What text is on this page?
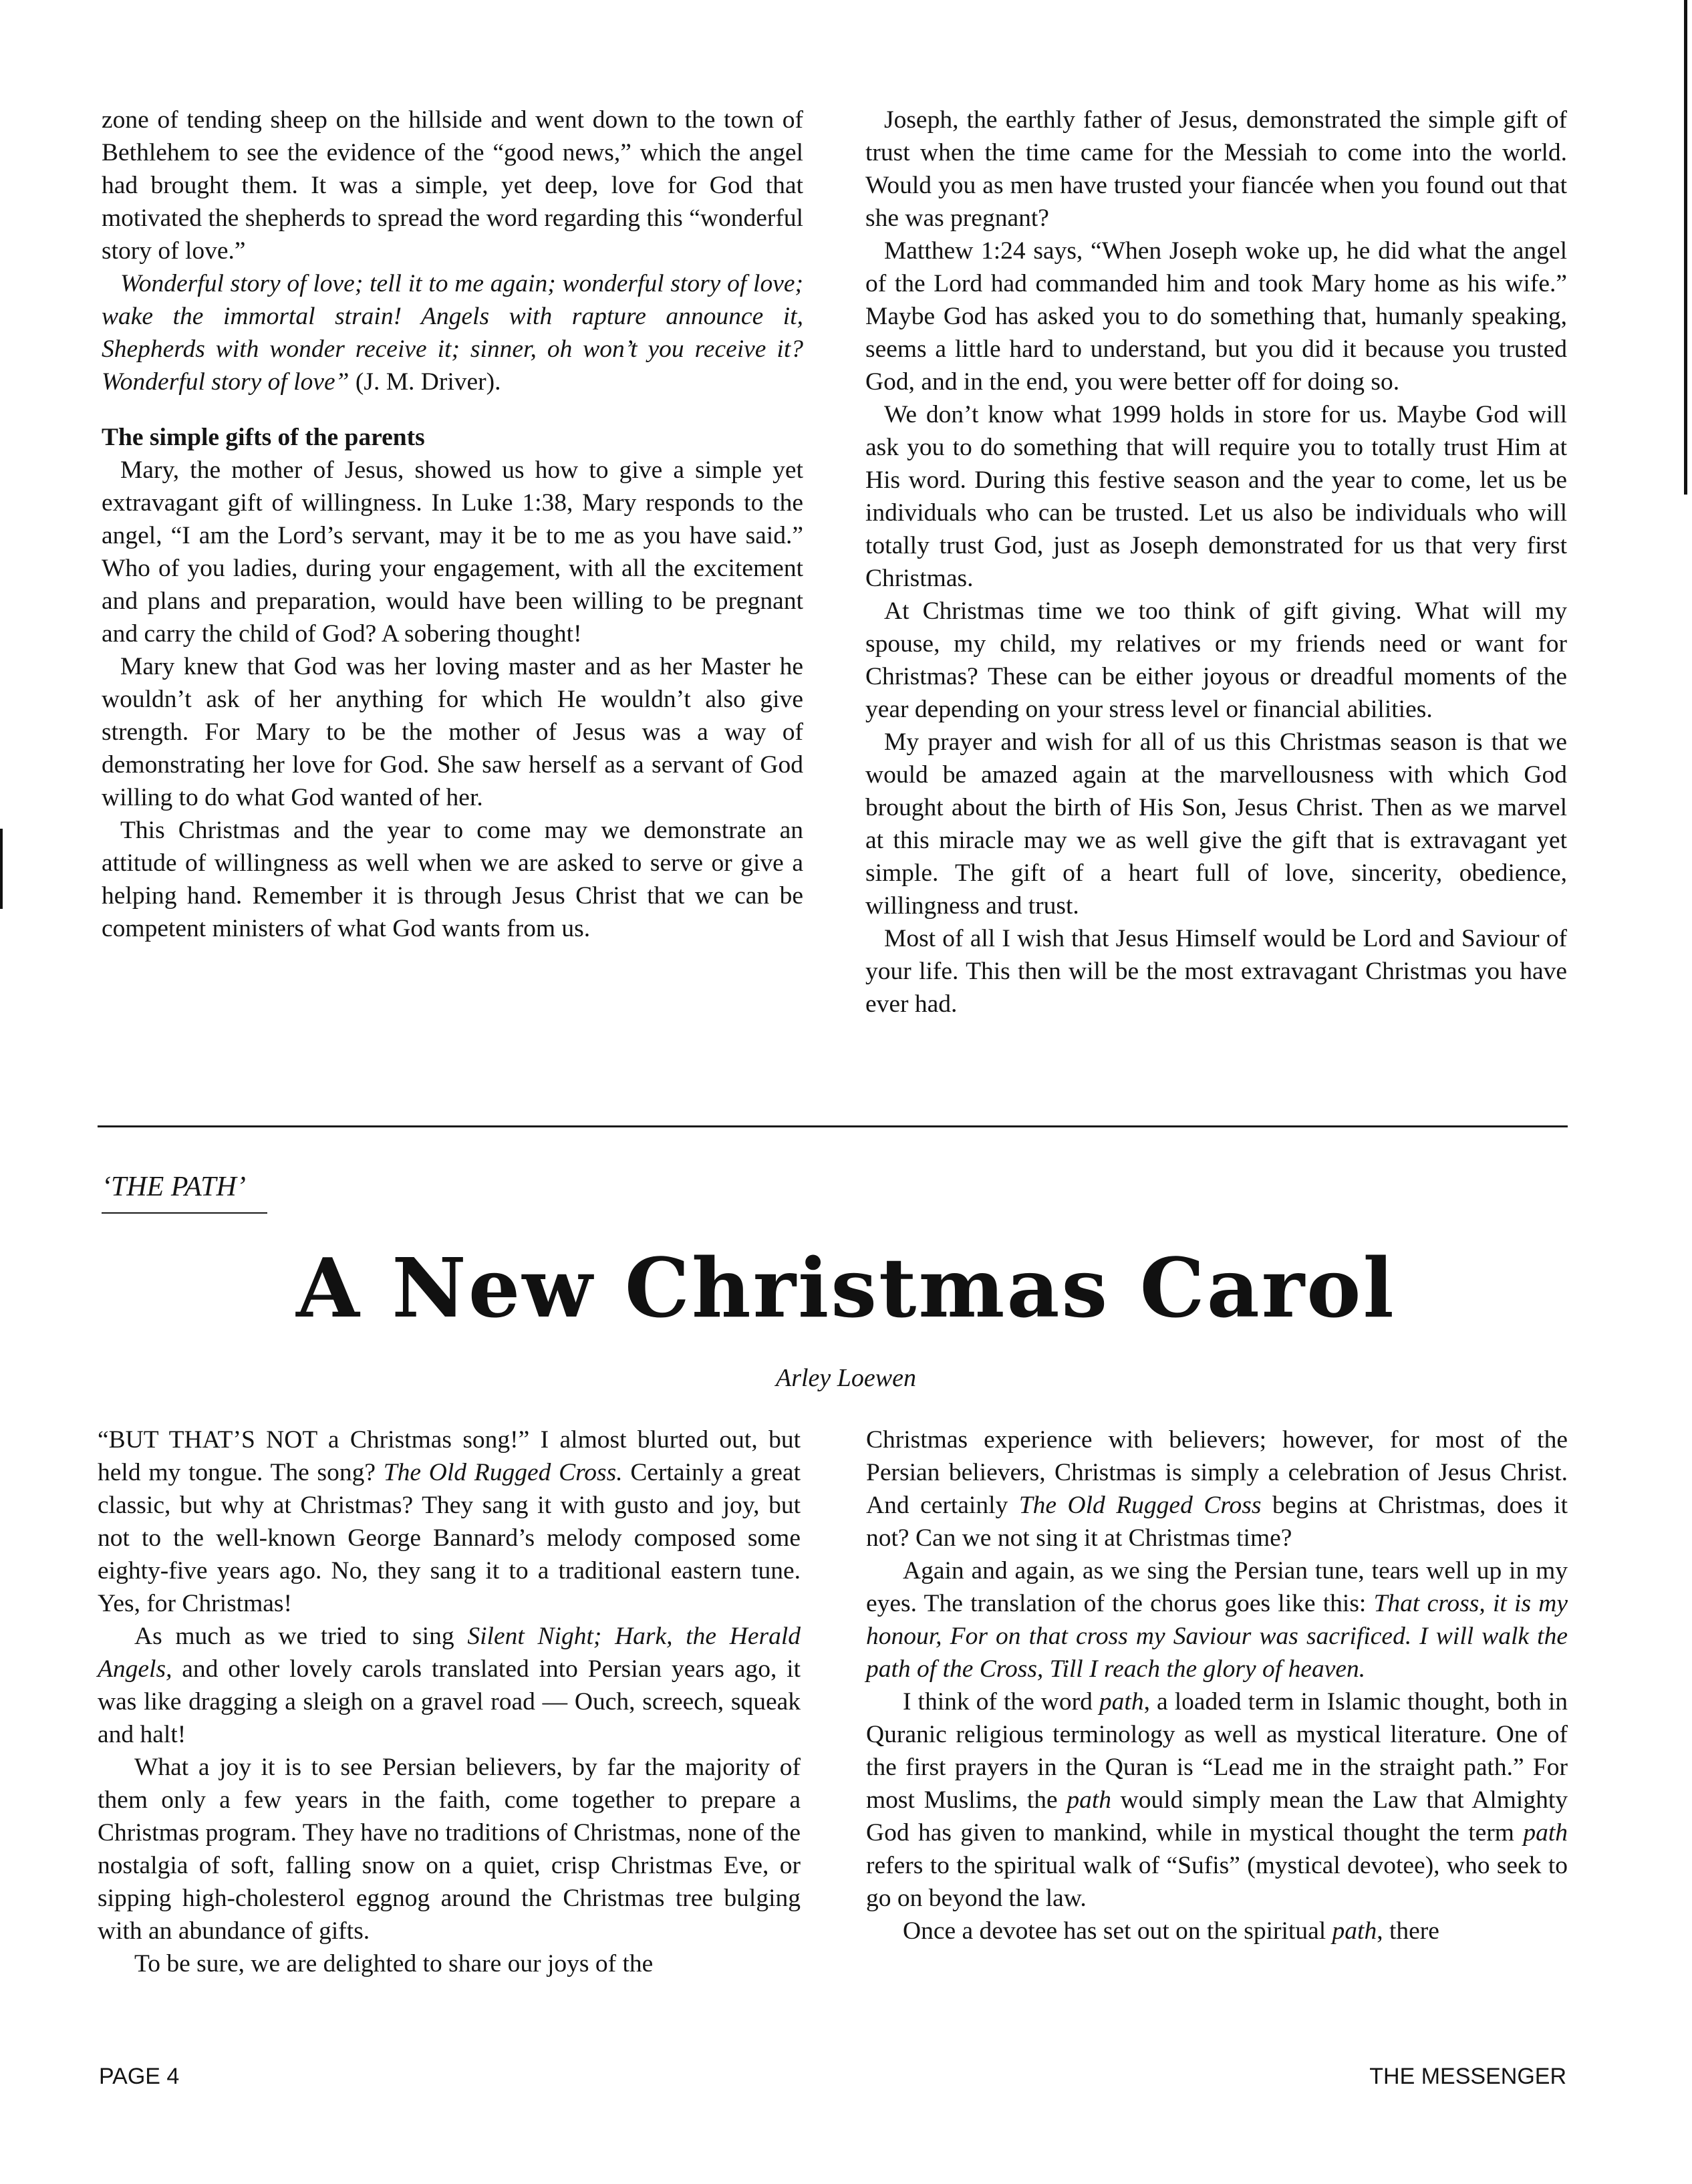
zone of tending sheep on the hillside and went down to the town of Bethlehem to see the evidence of the “good news,” which the angel had brought them. It was a simple, yet deep, love for God that motivated the shepherds to spread the word regarding this “wonderful story of love.”

Wonderful story of love; tell it to me again; wonderful story of love; wake the immortal strain! Angels with rapture announce it, Shepherds with wonder receive it; sinner, oh won’t you receive it? Wonderful story of love” (J. M. Driver).

The simple gifts of the parents

Mary, the mother of Jesus, showed us how to give a simple yet extravagant gift of willingness. In Luke 1:38, Mary responds to the angel, “I am the Lord’s servant, may it be to me as you have said.” Who of you ladies, during your engagement, with all the excitement and plans and preparation, would have been willing to be pregnant and carry the child of God? A sobering thought!

Mary knew that God was her loving master and as her Master he wouldn’t ask of her anything for which He wouldn’t also give strength. For Mary to be the mother of Jesus was a way of demonstrating her love for God. She saw herself as a servant of God willing to do what God wanted of her.

This Christmas and the year to come may we demonstrate an attitude of willingness as well when we are asked to serve or give a helping hand. Remember it is through Jesus Christ that we can be competent ministers of what God wants from us.

Joseph, the earthly father of Jesus, demonstrated the simple gift of trust when the time came for the Messiah to come into the world. Would you as men have trusted your fiancée when you found out that she was pregnant?

Matthew 1:24 says, “When Joseph woke up, he did what the angel of the Lord had commanded him and took Mary home as his wife.” Maybe God has asked you to do something that, humanly speaking, seems a little hard to understand, but you did it because you trusted God, and in the end, you were better off for doing so.

We don’t know what 1999 holds in store for us. Maybe God will ask you to do something that will require you to totally trust Him at His word. During this festive season and the year to come, let us be individuals who can be trusted. Let us also be individuals who will totally trust God, just as Joseph demonstrated for us that very first Christmas.

At Christmas time we too think of gift giving. What will my spouse, my child, my relatives or my friends need or want for Christmas? These can be either joyous or dreadful moments of the year depending on your stress level or financial abilities.

My prayer and wish for all of us this Christmas season is that we would be amazed again at the marvellousness with which God brought about the birth of His Son, Jesus Christ. Then as we marvel at this miracle may we as well give the gift that is extravagant yet simple. The gift of a heart full of love, sincerity, obedience, willingness and trust.

Most of all I wish that Jesus Himself would be Lord and Saviour of your life. This then will be the most extravagant Christmas you have ever had.

‘THE PATH’
A New Christmas Carol
Arley Loewen

“BUT THAT’S NOT a Christmas song!” I almost blurted out, but held my tongue. The song? The Old Rugged Cross. Certainly a great classic, but why at Christmas? They sang it with gusto and joy, but not to the well-known George Bannard’s melody composed some eighty-five years ago. No, they sang it to a traditional eastern tune. Yes, for Christmas!

As much as we tried to sing Silent Night; Hark, the Herald Angels, and other lovely carols translated into Persian years ago, it was like dragging a sleigh on a gravel road — Ouch, screech, squeak and halt!

What a joy it is to see Persian believers, by far the majority of them only a few years in the faith, come together to prepare a Christmas program. They have no traditions of Christmas, none of the nostalgia of soft, falling snow on a quiet, crisp Christmas Eve, or sipping high-cholesterol eggnog around the Christmas tree bulging with an abundance of gifts.

To be sure, we are delighted to share our joys of the

Christmas experience with believers; however, for most of the Persian believers, Christmas is simply a celebration of Jesus Christ. And certainly The Old Rugged Cross begins at Christmas, does it not? Can we not sing it at Christmas time?

Again and again, as we sing the Persian tune, tears well up in my eyes. The translation of the chorus goes like this: That cross, it is my honour, For on that cross my Saviour was sacrificed. I will walk the path of the Cross, Till I reach the glory of heaven.

I think of the word path, a loaded term in Islamic thought, both in Quranic religious terminology as well as mystical literature. One of the first prayers in the Quran is “Lead me in the straight path.” For most Muslims, the path would simply mean the Law that Almighty God has given to mankind, while in mystical thought the term path refers to the spiritual walk of “Sufis” (mystical devotee), who seek to go on beyond the law.

Once a devotee has set out on the spiritual path, there

PAGE 4	THE MESSENGER
